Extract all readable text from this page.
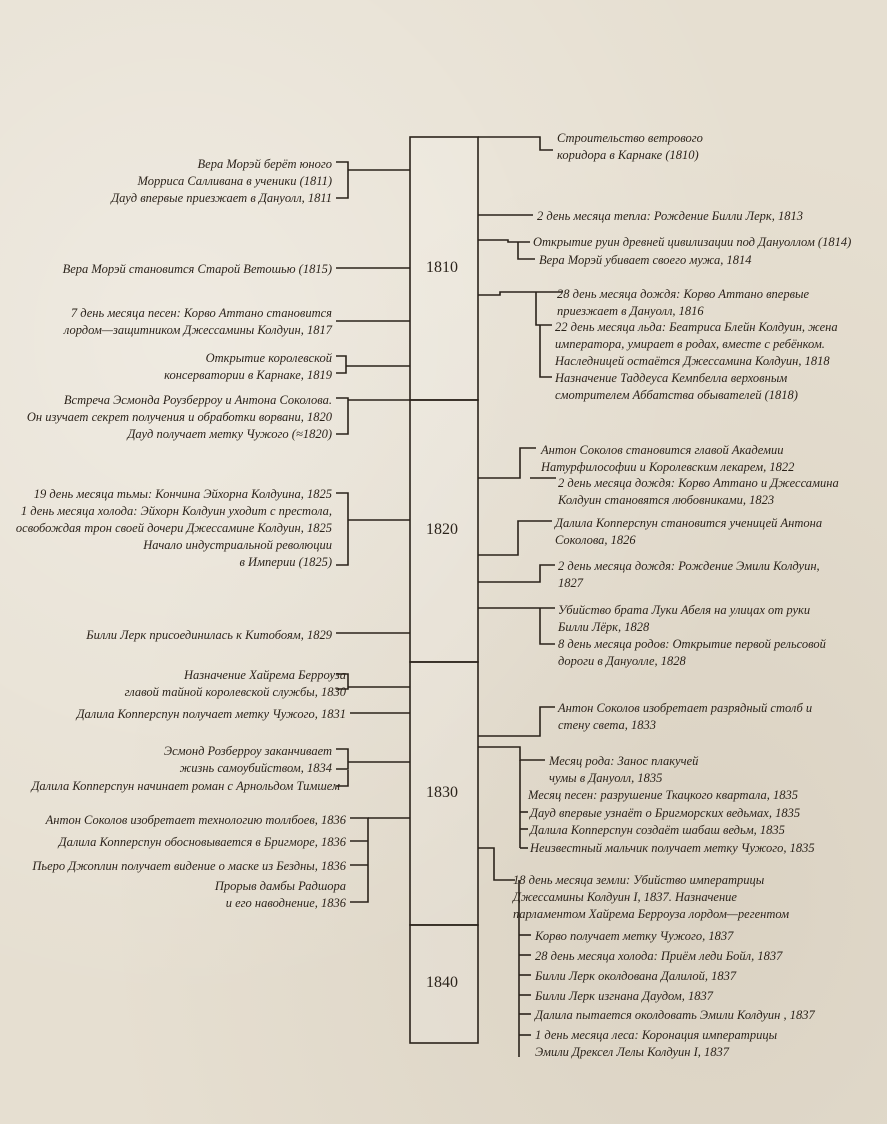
1810
1820
1830
1840
Вера Морэй берёт юного
Морриса Салливана в ученики (1811)
Дауд впервые приезжает в Дануолл, 1811
Вера Морэй становится Старой Ветошью (1815)
7 день месяца песен: Корво Аттано становится
лордом—защитником Джессамины Колдуин, 1817
Открытие королевской
консерватории в Карнаке, 1819
Встреча Эсмонда Роузберроу и Антона Соколова.
Он изучает секрет получения и обработки ворвани, 1820
Дауд получает метку Чужого (≈1820)
19 день месяца тьмы: Кончина Эйхорна Колдуина, 1825
1 день месяца холода: Эйхорн Колдуин уходит с престола,
освобождая трон своей дочери Джессамине Колдуин, 1825
Начало индустриальной революции
в Империи (1825)
Билли Лерк присоединилась к Китобоям, 1829
Назначение Хайрема Берроуза
главой тайной королевской службы, 1830
Далила Копперспун получает метку Чужого, 1831
Эсмонд Розберроу заканчивает
жизнь самоубийством, 1834
Далила Копперспун начинает роман с Арнольдом Тимшем
Антон Соколов изобретает технологию толлбоев, 1836
Далила Копперспун обосновывается в Бригморе, 1836
Пьеро Джоплин получает видение о маске из Бездны, 1836
Прорыв дамбы Радшора
и его наводнение, 1836
Строительство ветрового
коридора в Карнаке (1810)
2 день месяца тепла: Рождение Билли Лерк, 1813
Открытие руин древней цивилизации под Дануоллом (1814)
Вера Морэй убивает своего мужа, 1814
28 день месяца дождя: Корво Аттано впервые
приезжает в Дануолл, 1816
22 день месяца льда: Беатриса Блейн Колдуин, жена
императора, умирает в родах, вместе с ребёнком.
Наследницей остаётся Джессамина Колдуин, 1818
Назначение Таддеуса Кемпбелла верховным
смотрителем Аббатства обывателей (1818)
Антон Соколов становится главой Академии
Натурфилософии и Королевским лекарем, 1822
2 день месяца дождя: Корво Аттано и Джессамина
Колдуин становятся любовниками, 1823
Далила Копперспун становится ученицей Антона
Соколова, 1826
2 день месяца дождя: Рождение Эмили Колдуин,
1827
Убийство брата Луки Абеля на улицах от руки
Билли Лёрк, 1828
8 день месяца родов: Открытие первой рельсовой
дороги в Дануолле, 1828
Антон Соколов изобретает разрядный столб и
стену света, 1833
Месяц рода: Занос плакучей
чумы в Дануолл, 1835
Месяц песен: разрушение Ткацкого квартала, 1835
Дауд впервые узнаёт о Бригморских ведьмах, 1835
Далила Копперспун создаёт шабаш ведьм, 1835
Неизвестный мальчик получает метку Чужого, 1835
18 день месяца земли: Убийство императрицы
Джессамины Колдуин I, 1837. Назначение
парламентом Хайрема Берроуза лордом—регентом
Корво получает метку Чужого, 1837
28 день месяца холода: Приём леди Бойл, 1837
Билли Лерк околдована Далилой, 1837
Билли Лерк изгнана Даудом, 1837
Далила пытается околдовать Эмили Колдуин , 1837
1 день месяца леса: Коронация императрицы
Эмили Дрексел Лелы Колдуин I, 1837
